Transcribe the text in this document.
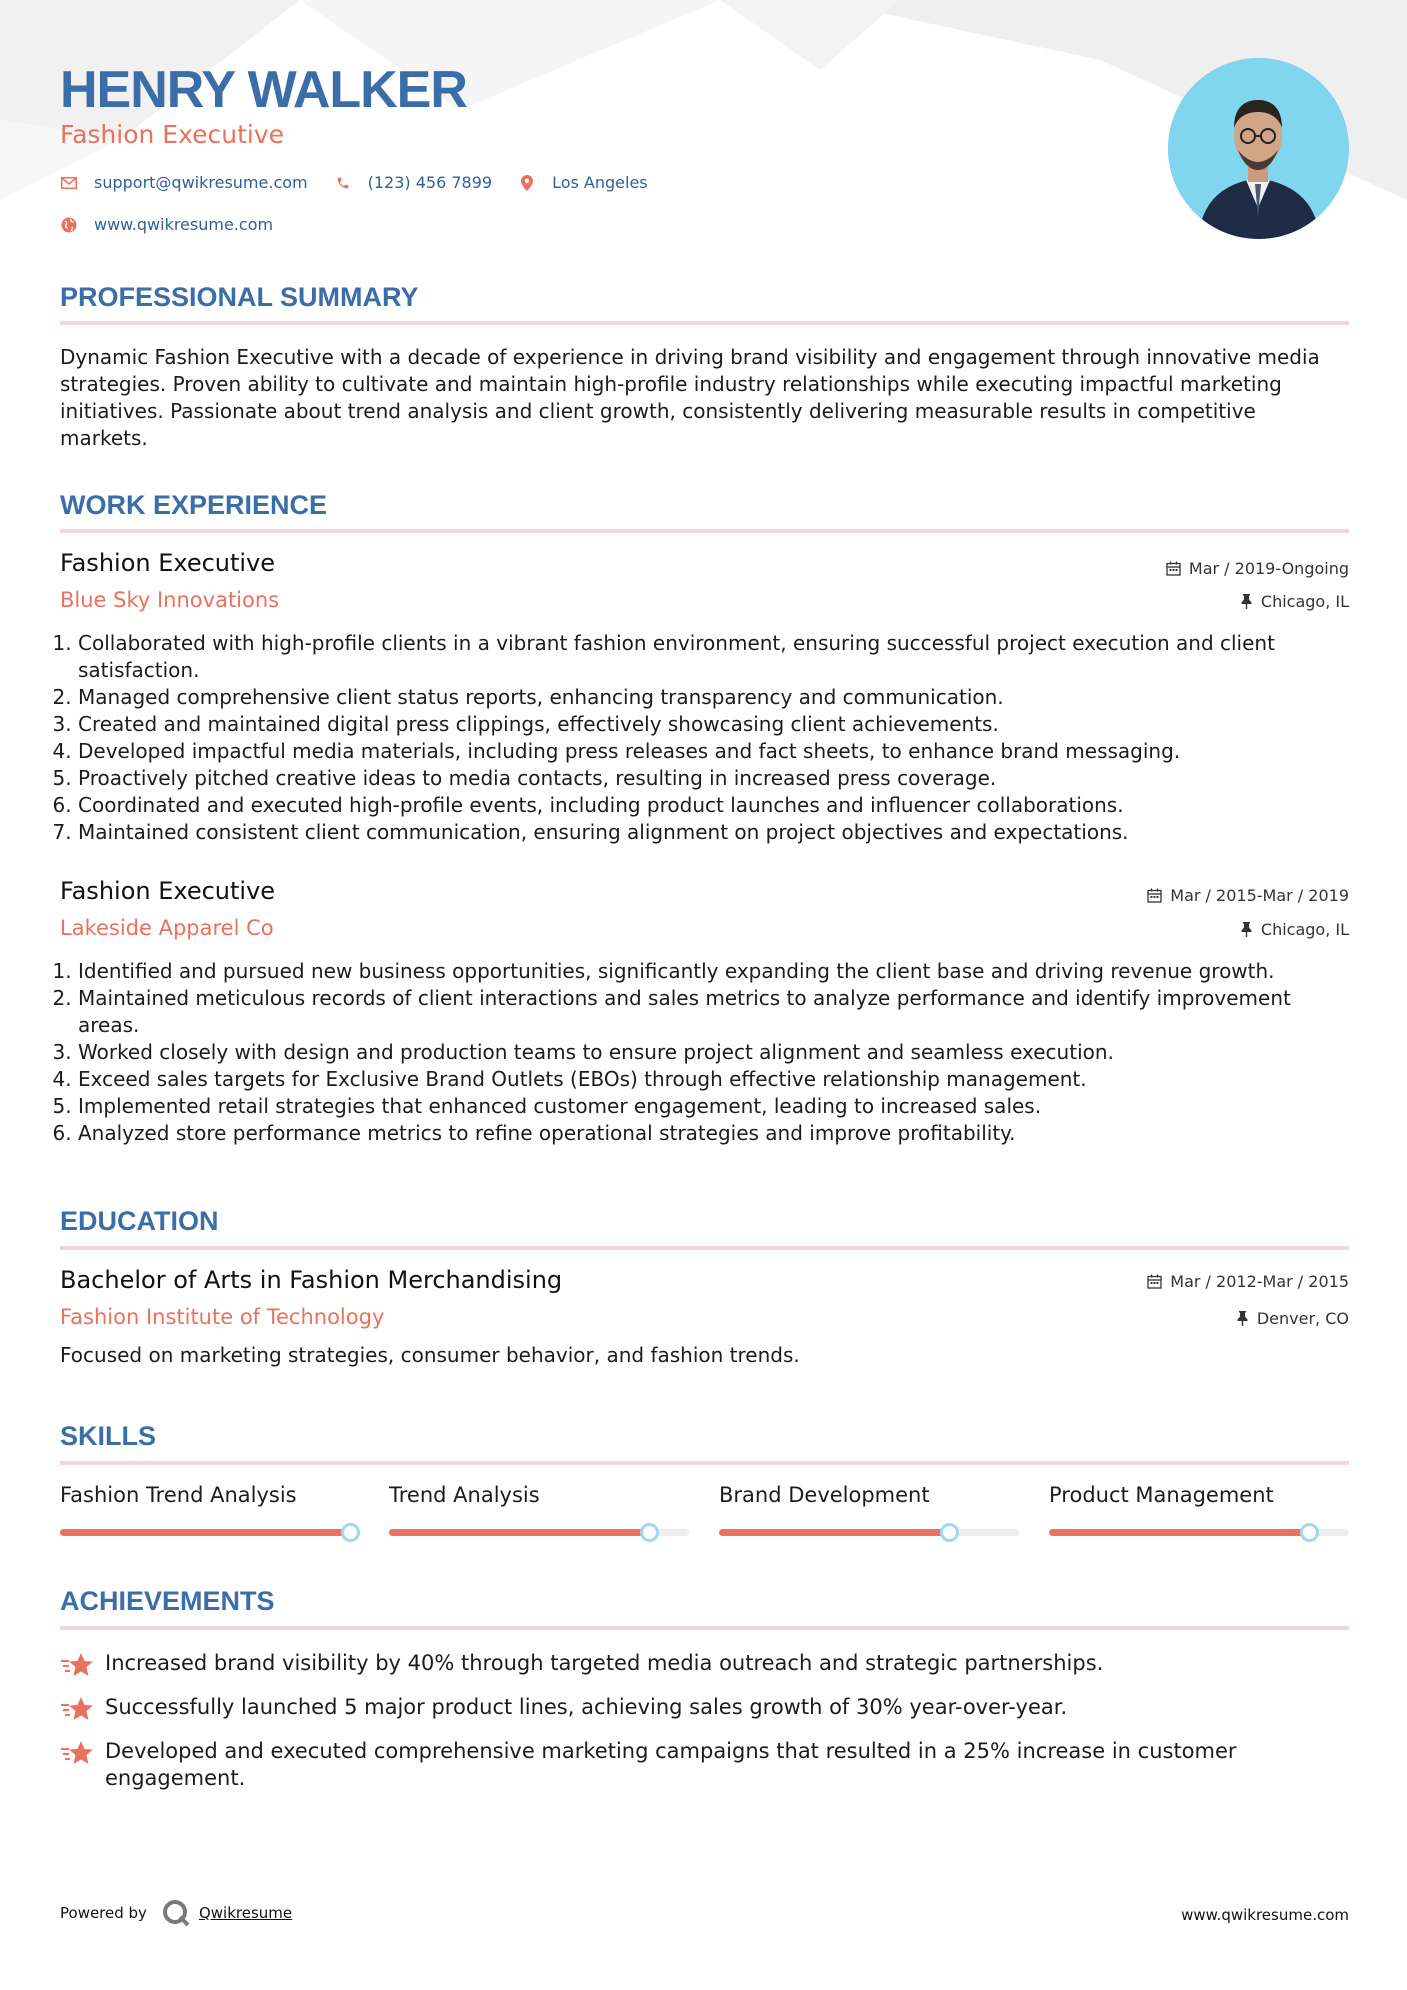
HENRY WALKER
Fashion Executive
support@qwikresume.com	(123) 456 7899	Los Angeles
www.qwikresume.com
PROFESSIONAL SUMMARY
Dynamic Fashion Executive with a decade of experience in driving brand visibility and engagement through innovative media strategies. Proven ability to cultivate and maintain high-profile industry relationships while executing impactful marketing initiatives. Passionate about trend analysis and client growth, consistently delivering measurable results in competitive markets.
WORK EXPERIENCE
Fashion Executive	Mar / 2019-Ongoing
Blue Sky Innovations	Chicago, IL
1. Collaborated with high-profile clients in a vibrant fashion environment, ensuring successful project execution and client satisfaction.
2. Managed comprehensive client status reports, enhancing transparency and communication.
3. Created and maintained digital press clippings, effectively showcasing client achievements.
4. Developed impactful media materials, including press releases and fact sheets, to enhance brand messaging.
5. Proactively pitched creative ideas to media contacts, resulting in increased press coverage.
6. Coordinated and executed high-profile events, including product launches and influencer collaborations.
7. Maintained consistent client communication, ensuring alignment on project objectives and expectations.
Fashion Executive	Mar / 2015-Mar / 2019
Lakeside Apparel Co	Chicago, IL
1. Identified and pursued new business opportunities, significantly expanding the client base and driving revenue growth.
2. Maintained meticulous records of client interactions and sales metrics to analyze performance and identify improvement areas.
3. Worked closely with design and production teams to ensure project alignment and seamless execution.
4. Exceed sales targets for Exclusive Brand Outlets (EBOs) through effective relationship management.
5. Implemented retail strategies that enhanced customer engagement, leading to increased sales.
6. Analyzed store performance metrics to refine operational strategies and improve profitability.
EDUCATION
Bachelor of Arts in Fashion Merchandising	Mar / 2012-Mar / 2015
Fashion Institute of Technology	Denver, CO
Focused on marketing strategies, consumer behavior, and fashion trends.
SKILLS
Fashion Trend Analysis	Trend Analysis	Brand Development	Product Management
ACHIEVEMENTS
Increased brand visibility by 40% through targeted media outreach and strategic partnerships.
Successfully launched 5 major product lines, achieving sales growth of 30% year-over-year.
Developed and executed comprehensive marketing campaigns that resulted in a 25% increase in customer engagement.
Powered by	Qwikresume	www.qwikresume.com
